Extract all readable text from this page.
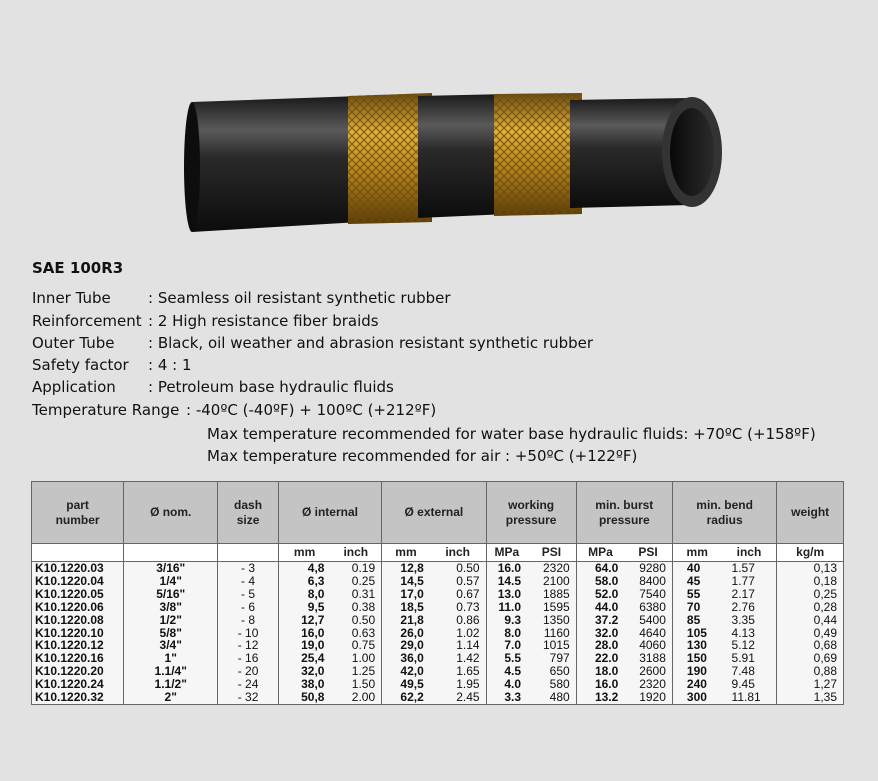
SAE 100R3
Inner Tube : Seamless oil resistant synthetic rubber
Reinforcement : 2 High resistance fiber braids
Outer Tube : Black, oil weather and abrasion resistant synthetic rubber
Safety factor : 4 : 1
Application : Petroleum base hydraulic fluids
Temperature Range : -40ºC (-40ºF) + 100ºC (+212ºF)
Max temperature recommended for water base hydraulic fluids: +70ºC (+158ºF)
Max temperature recommended for air : +50ºC (+122ºF)
part number	Ø nom.	dash size	Ø internal		Ø external		working pressure		min. burst pressure		min. bend radius		weight
			mm	inch	mm	inch	MPa	PSI	MPa	PSI	mm	inch	kg/m
K10.1220.03	3/16"	- 3	4,8	0.19	12,8	0.50	16.0	2320	64.0	9280	40	1.57	0,13
K10.1220.04	1/4"	- 4	6,3	0.25	14,5	0.57	14.5	2100	58.0	8400	45	1.77	0,18
K10.1220.05	5/16"	- 5	8,0	0.31	17,0	0.67	13.0	1885	52.0	7540	55	2.17	0,25
K10.1220.06	3/8"	- 6	9,5	0.38	18,5	0.73	11.0	1595	44.0	6380	70	2.76	0,28
K10.1220.08	1/2"	- 8	12,7	0.50	21,8	0.86	9.3	1350	37.2	5400	85	3.35	0,44
K10.1220.10	5/8"	- 10	16,0	0.63	26,0	1.02	8.0	1160	32.0	4640	105	4.13	0,49
K10.1220.12	3/4"	- 12	19,0	0.75	29,0	1.14	7.0	1015	28.0	4060	130	5.12	0,68
K10.1220.16	1"	- 16	25,4	1.00	36,0	1.42	5.5	797	22.0	3188	150	5.91	0,69
K10.1220.20	1.1/4"	- 20	32,0	1.25	42,0	1.65	4.5	650	18.0	2600	190	7.48	0,88
K10.1220.24	1.1/2"	- 24	38,0	1.50	49,5	1.95	4.0	580	16.0	2320	240	9.45	1,27
K10.1220.32	2"	- 32	50,8	2.00	62,2	2.45	3.3	480	13.2	1920	300	11.81	1,35
